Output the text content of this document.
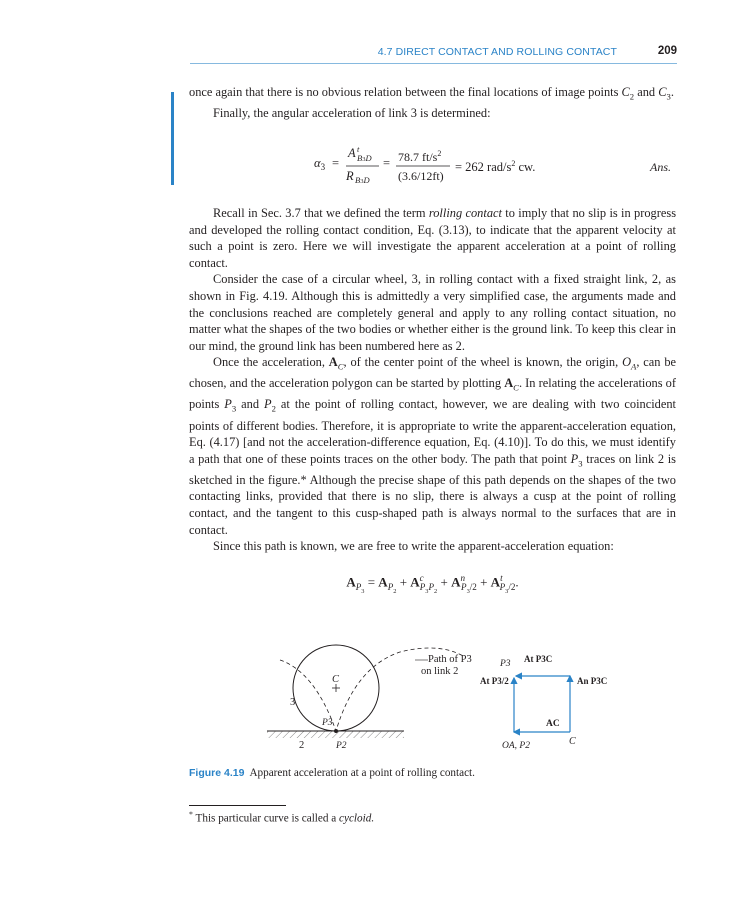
4.7 DIRECT CONTACT AND ROLLING CONTACT	209

once again that there is no obvious relation between the final locations of image points $C_2$ and $C_3$.

Finally, the angular acceleration of link 3 is determined:

$\alpha_3$ =
A t
B3D
R B3D
= 78.7 $ft/s^2$
(3.6/12ft)
= 262 rad/$s^2$ cw.	Ans.

Recall in Sec. 3.7 that we defined the term rolling contact to imply that no slip is in progress and developed the rolling contact condition, Eq. (3.13), to indicate that the apparent velocity at such a point is zero. Here we will investigate the apparent acceleration at a point of rolling contact.

Consider the case of a circular wheel, 3, in rolling contact with a fixed straight link, 2, as shown in Fig. 4.19. Although this is admittedly a very simplified case, the arguments made and the conclusions reached are completely general and apply to any rolling contact situation, no matter what the shapes of the two bodies or whether either is the ground link. To keep this clear in our mind, the ground link has been numbered here as 2.

Once the acceleration, $A_C$, of the center point of the wheel is known, the origin, $O_A$, can be chosen, and the acceleration polygon can be started by plotting $A_C$. In relating the accelerations of points $P_3$ and $P_2$ at the point of rolling contact, however, we are dealing with two coincident points of different bodies. Therefore, it is appropriate to write the apparent-acceleration equation, Eq. (4.17) [and not the acceleration-difference equation, Eq. (4.10)]. To do this, we must identify a path that one of these points traces on the other body. The path that point $P_3$ traces on link 2 is sketched in the figure.* Although the precise shape of this path depends on the shapes of the two contacting links, provided that there is no slip, there is always a cusp at the point of rolling contact, and the tangent to this cusp-shaped path is always normal to the surfaces that are in contact.

Since this path is known, we are free to write the apparent-acceleration equation:

$A_{P_3} = A_{P_2} + A^c_{P_3P_2} + A^n_{P_3/2} + A^t_{P_3/2}$.
Path of P3
on link 2
3
C
P3
2	P2
P3 At P3C
At P3/2	An P3C
AC
OA, P2	C
Figure 4.19 Apparent acceleration at a point of rolling contact.
* This particular curve is called a cycloid.
